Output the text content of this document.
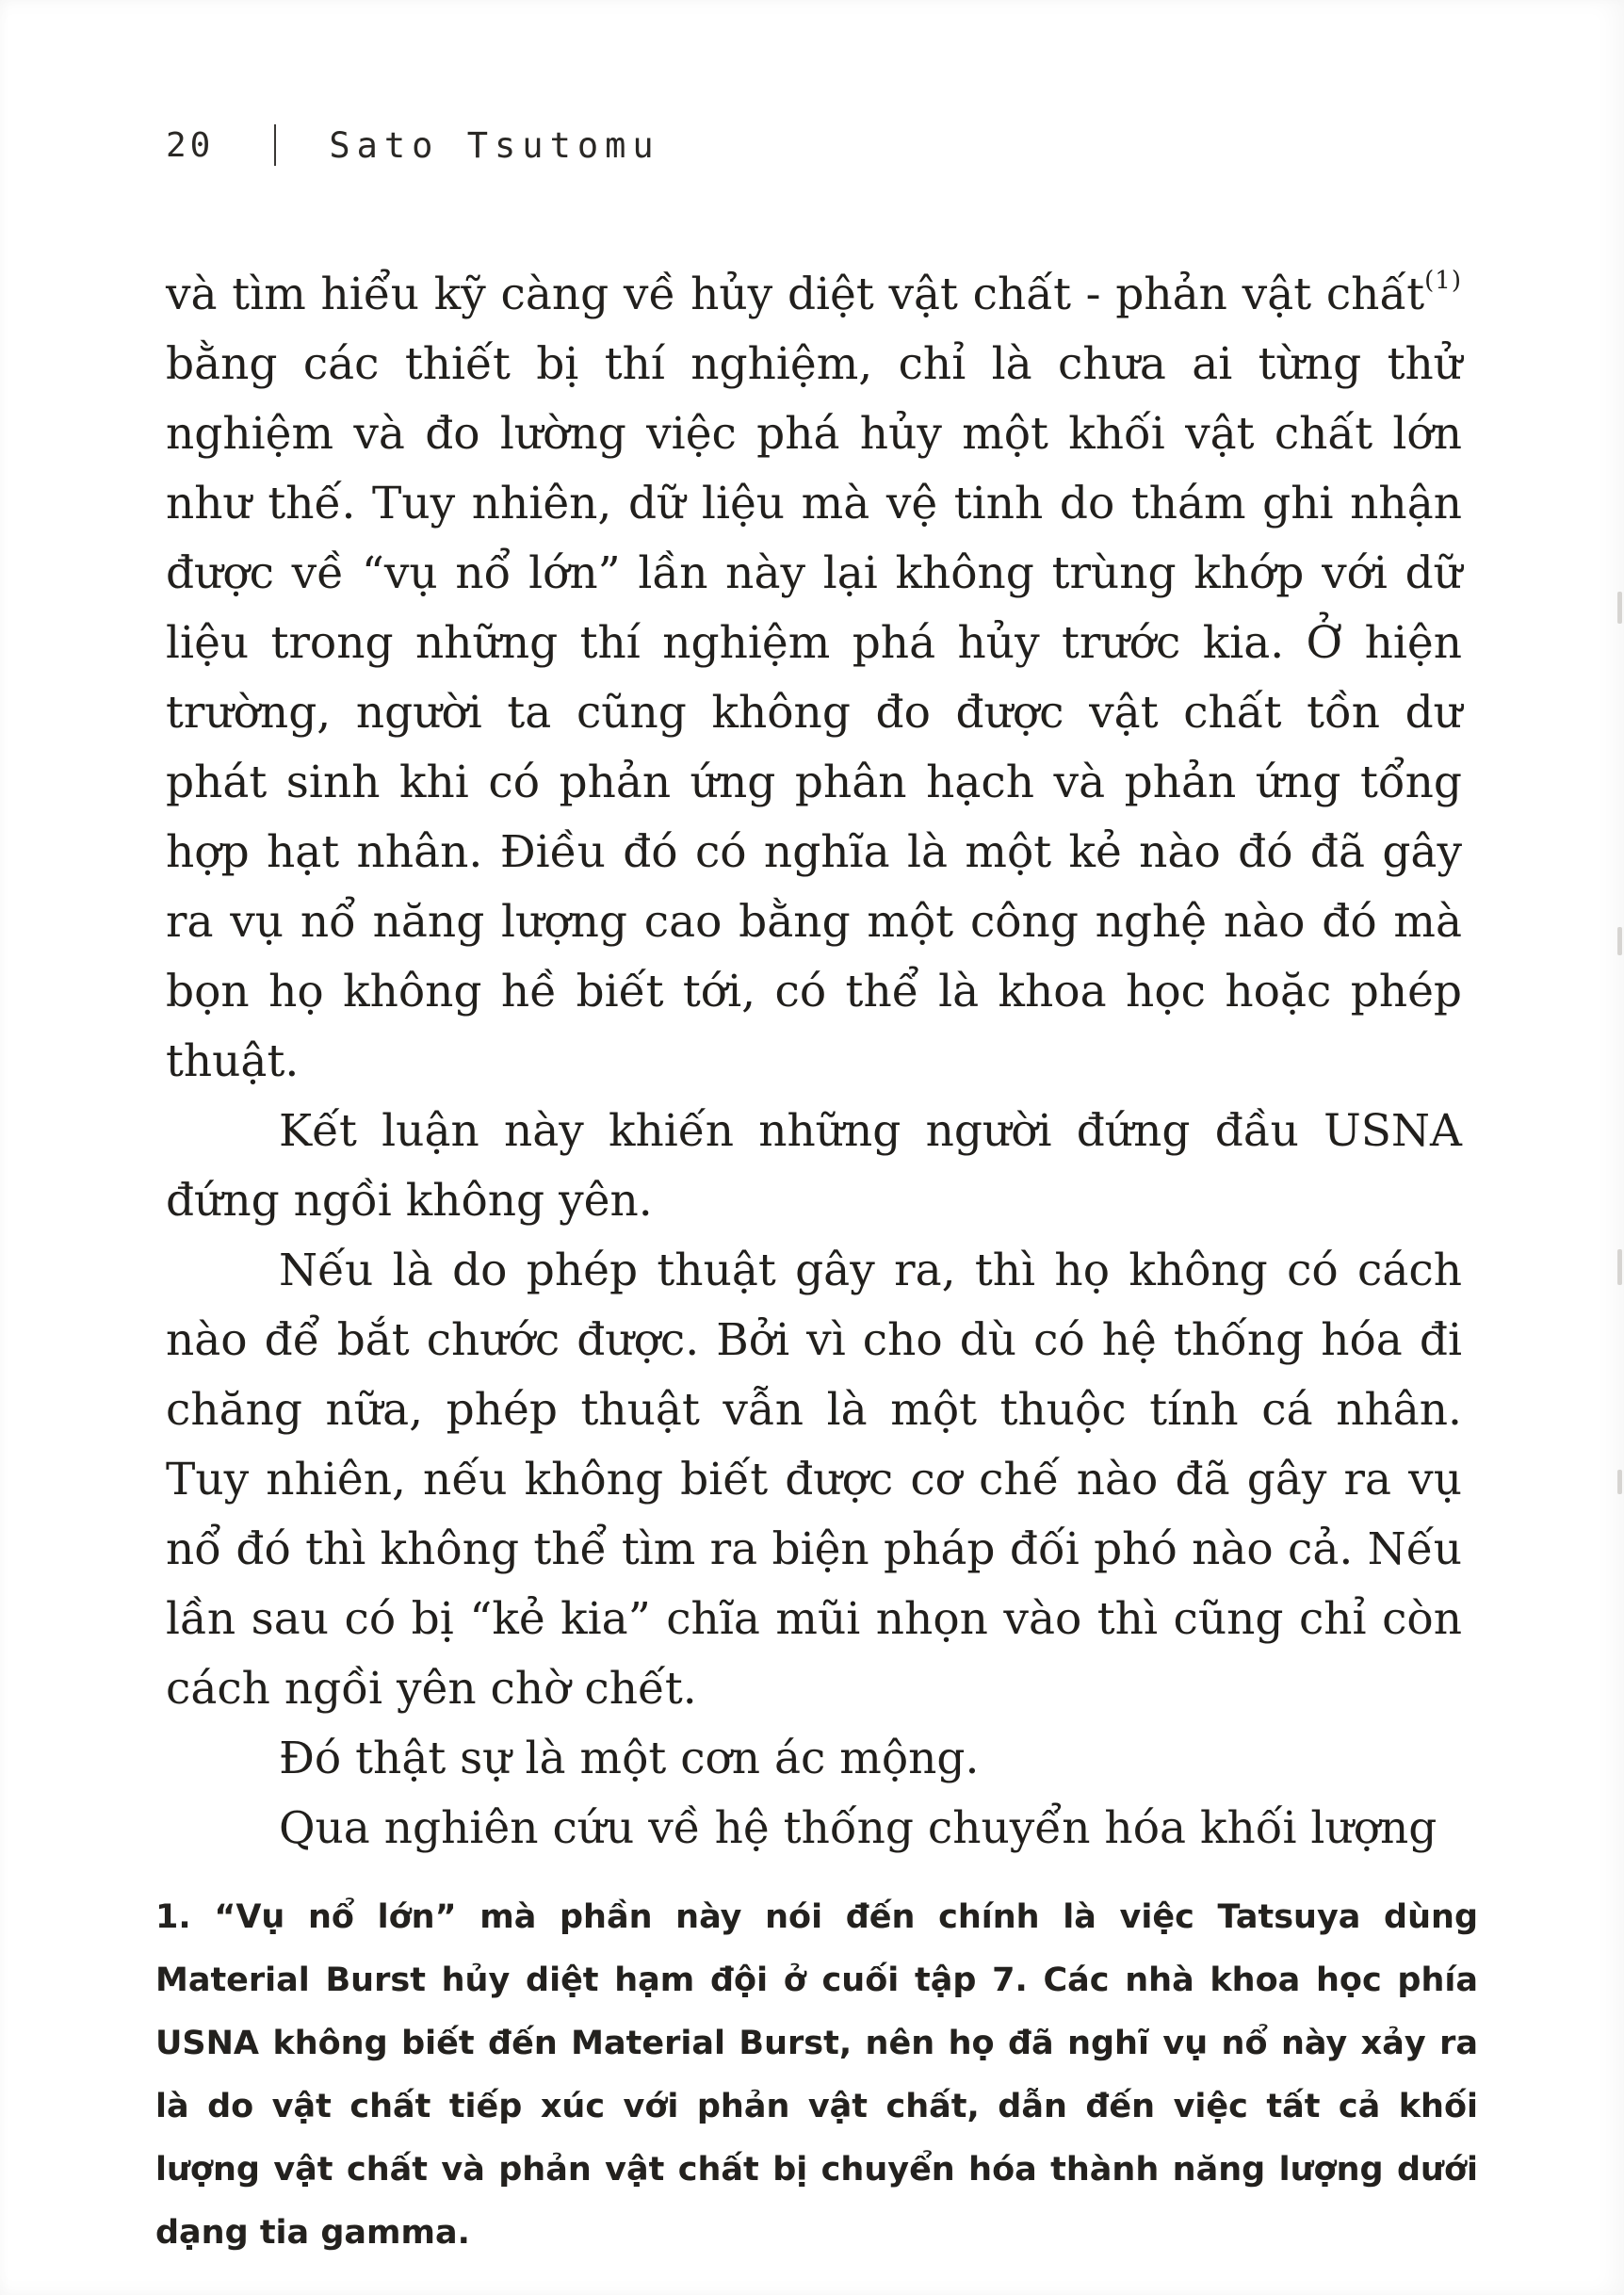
20	Sato Tsutomu

và tìm hiểu kỹ càng về hủy diệt vật chất - phản vật chất$^{(1)}$ bằng các thiết bị thí nghiệm, chỉ là chưa ai từng thử nghiệm và đo lường việc phá hủy một khối vật chất lớn như thế. Tuy nhiên, dữ liệu mà vệ tinh do thám ghi nhận được về “vụ nổ lớn” lần này lại không trùng khớp với dữ liệu trong những thí nghiệm phá hủy trước kia. Ở hiện trường, người ta cũng không đo được vật chất tồn dư phát sinh khi có phản ứng phân hạch và phản ứng tổng hợp hạt nhân. Điều đó có nghĩa là một kẻ nào đó đã gây ra vụ nổ năng lượng cao bằng một công nghệ nào đó mà bọn họ không hề biết tới, có thể là khoa học hoặc phép thuật.

Kết luận này khiến những người đứng đầu USNA đứng ngồi không yên.

Nếu là do phép thuật gây ra, thì họ không có cách nào để bắt chước được. Bởi vì cho dù có hệ thống hóa đi chăng nữa, phép thuật vẫn là một thuộc tính cá nhân. Tuy nhiên, nếu không biết được cơ chế nào đã gây ra vụ nổ đó thì không thể tìm ra biện pháp đối phó nào cả. Nếu lần sau có bị “kẻ kia” chĩa mũi nhọn vào thì cũng chỉ còn cách ngồi yên chờ chết.

Đó thật sự là một cơn ác mộng.

Qua nghiên cứu về hệ thống chuyển hóa khối lượng

1. “Vụ nổ lớn” mà phần này nói đến chính là việc Tatsuya dùng Material Burst hủy diệt hạm đội ở cuối tập 7. Các nhà khoa học phía USNA không biết đến Material Burst, nên họ đã nghĩ vụ nổ này xảy ra là do vật chất tiếp xúc với phản vật chất, dẫn đến việc tất cả khối lượng vật chất và phản vật chất bị chuyển hóa thành năng lượng dưới dạng tia gamma.
